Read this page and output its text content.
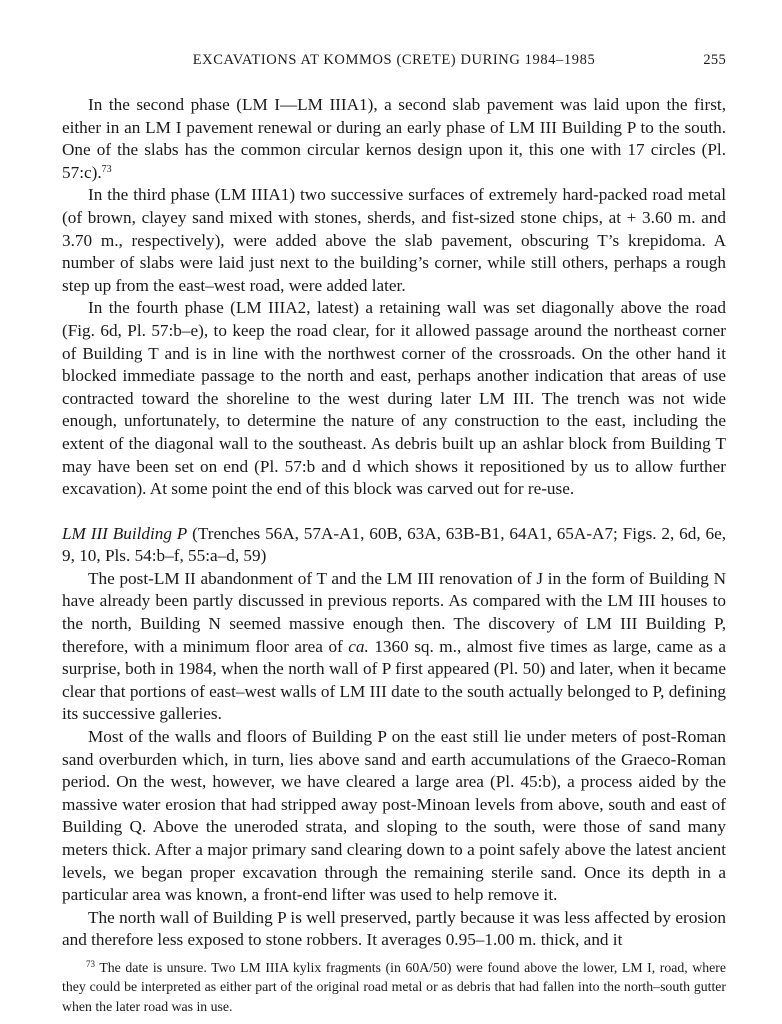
EXCAVATIONS AT KOMMOS (CRETE) DURING 1984–1985	255

In the second phase (LM I—LM IIIA1), a second slab pavement was laid upon the first, either in an LM I pavement renewal or during an early phase of LM III Building P to the south. One of the slabs has the common circular kernos design upon it, this one with 17 circles (Pl. 57:c).$^{73}$

In the third phase (LM IIIA1) two successive surfaces of extremely hard-packed road metal (of brown, clayey sand mixed with stones, sherds, and fist-sized stone chips, at + 3.60 m. and 3.70 m., respectively), were added above the slab pavement, obscuring T’s krepidoma. A number of slabs were laid just next to the building’s corner, while still others, perhaps a rough step up from the east–west road, were added later.

In the fourth phase (LM IIIA2, latest) a retaining wall was set diagonally above the road (Fig. 6d, Pl. 57:b–e), to keep the road clear, for it allowed passage around the northeast corner of Building T and is in line with the northwest corner of the crossroads. On the other hand it blocked immediate passage to the north and east, perhaps another indication that areas of use contracted toward the shoreline to the west during later LM III. The trench was not wide enough, unfortunately, to determine the nature of any construction to the east, including the extent of the diagonal wall to the southeast. As debris built up an ashlar block from Building T may have been set on end (Pl. 57:b and d which shows it repositioned by us to allow further excavation). At some point the end of this block was carved out for re-use.

LM III Building P (Trenches 56A, 57A-A1, 60B, 63A, 63B-B1, 64A1, 65A-A7; Figs. 2, 6d, 6e, 9, 10, Pls. 54:b–f, 55:a–d, 59)

The post-LM II abandonment of T and the LM III renovation of J in the form of Building N have already been partly discussed in previous reports. As compared with the LM III houses to the north, Building N seemed massive enough then. The discovery of LM III Building P, therefore, with a minimum floor area of ca. 1360 sq. m., almost five times as large, came as a surprise, both in 1984, when the north wall of P first appeared (Pl. 50) and later, when it became clear that portions of east–west walls of LM III date to the south actually belonged to P, defining its successive galleries.

Most of the walls and floors of Building P on the east still lie under meters of post-Roman sand overburden which, in turn, lies above sand and earth accumulations of the Graeco-Roman period. On the west, however, we have cleared a large area (Pl. 45:b), a process aided by the massive water erosion that had stripped away post-Minoan levels from above, south and east of Building Q. Above the uneroded strata, and sloping to the south, were those of sand many meters thick. After a major primary sand clearing down to a point safely above the latest ancient levels, we began proper excavation through the remaining sterile sand. Once its depth in a particular area was known, a front-end lifter was used to help remove it.

The north wall of Building P is well preserved, partly because it was less affected by erosion and therefore less exposed to stone robbers. It averages 0.95–1.00 m. thick, and it

$^{73}$ The date is unsure. Two LM IIIA kylix fragments (in 60A/50) were found above the lower, LM I, road, where they could be interpreted as either part of the original road metal or as debris that had fallen into the north–south gutter when the later road was in use.
